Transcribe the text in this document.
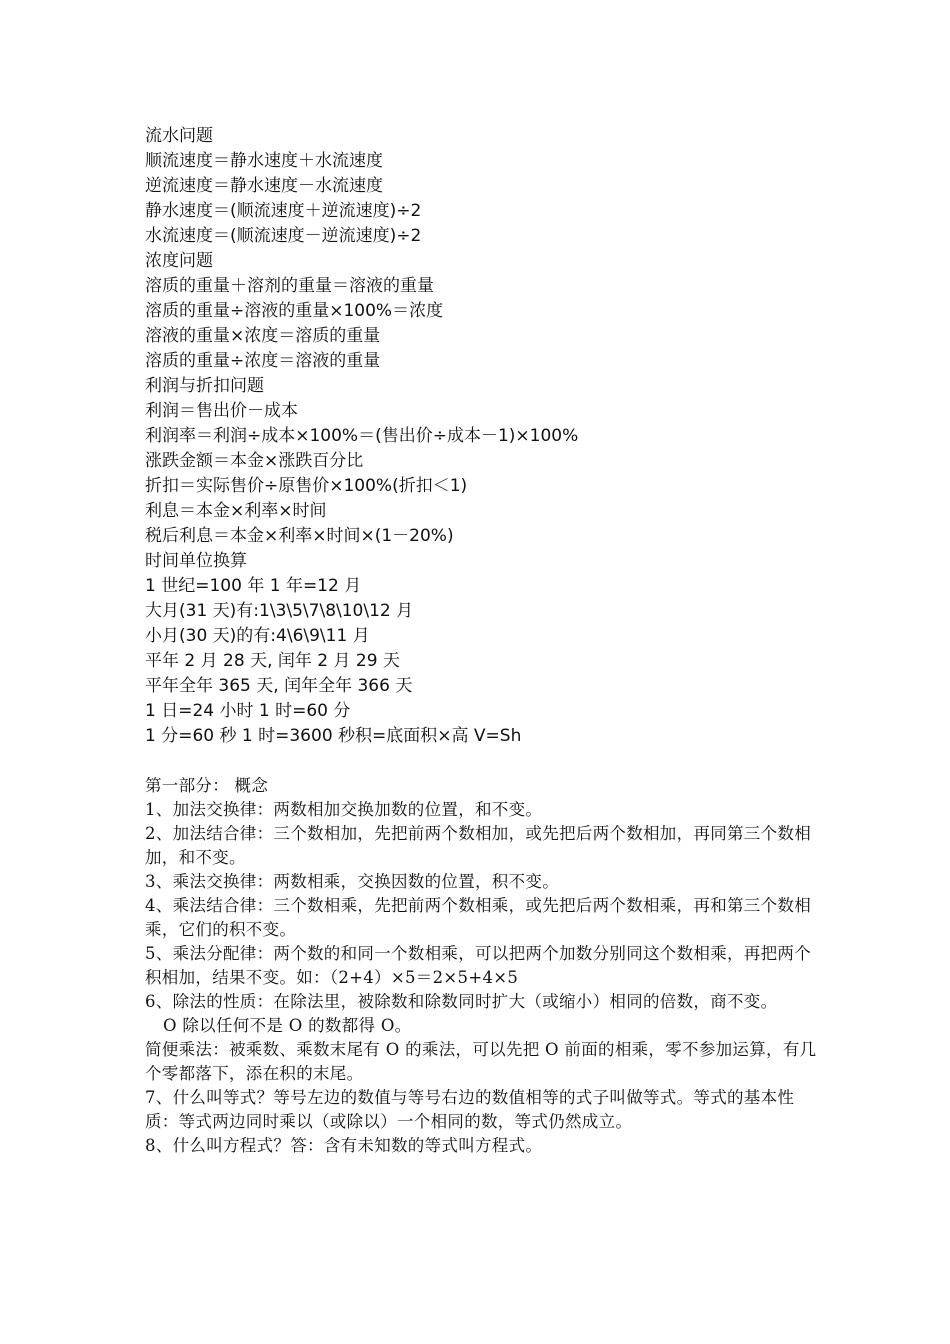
流水问题
顺流速度＝静水速度＋水流速度
逆流速度＝静水速度－水流速度
静水速度＝(顺流速度＋逆流速度)÷2
水流速度＝(顺流速度－逆流速度)÷2
浓度问题
溶质的重量＋溶剂的重量＝溶液的重量
溶质的重量÷溶液的重量×100%＝浓度
溶液的重量×浓度＝溶质的重量
溶质的重量÷浓度＝溶液的重量
利润与折扣问题
利润＝售出价－成本
利润率＝利润÷成本×100%＝(售出价÷成本－1)×100%
涨跌金额＝本金×涨跌百分比
折扣＝实际售价÷原售价×100%(折扣＜1)
利息＝本金×利率×时间
税后利息＝本金×利率×时间×(1－20%)
时间单位换算
1 世纪=100 年 1 年=12 月
大月(31 天)有:1\3\5\7\8\10\12 月
小月(30 天)的有:4\6\9\11 月
平年 2 月 28 天, 闰年 2 月 29 天
平年全年 365 天, 闰年全年 366 天
1 日=24 小时 1 时=60 分
1 分=60 秒 1 时=3600 秒积=底面积×高 V=Sh

第一部分： 概念

1、加法交换律：两数相加交换加数的位置，和不变。

2、加法结合律：三个数相加，先把前两个数相加，或先把后两个数相加，再同第三个数相加，和不变。

3、乘法交换律：两数相乘，交换因数的位置，积不变。

4、乘法结合律：三个数相乘，先把前两个数相乘，或先把后两个数相乘，再和第三个数相乘，它们的积不变。

5、乘法分配律：两个数的和同一个数相乘，可以把两个加数分别同这个数相乘，再把两个积相加，结果不变。如：（2+4）×5＝2×5+4×5

6、除法的性质：在除法里，被除数和除数同时扩大（或缩小）相同的倍数，商不变。

O 除以任何不是 O 的数都得 O。

简便乘法：被乘数、乘数末尾有 O 的乘法，可以先把 O 前面的相乘，零不参加运算，有几个零都落下，添在积的末尾。

7、什么叫等式？等号左边的数值与等号右边的数值相等的式子叫做等式。等式的基本性质：等式两边同时乘以（或除以）一个相同的数，等式仍然成立。

8、什么叫方程式？答：含有未知数的等式叫方程式。
